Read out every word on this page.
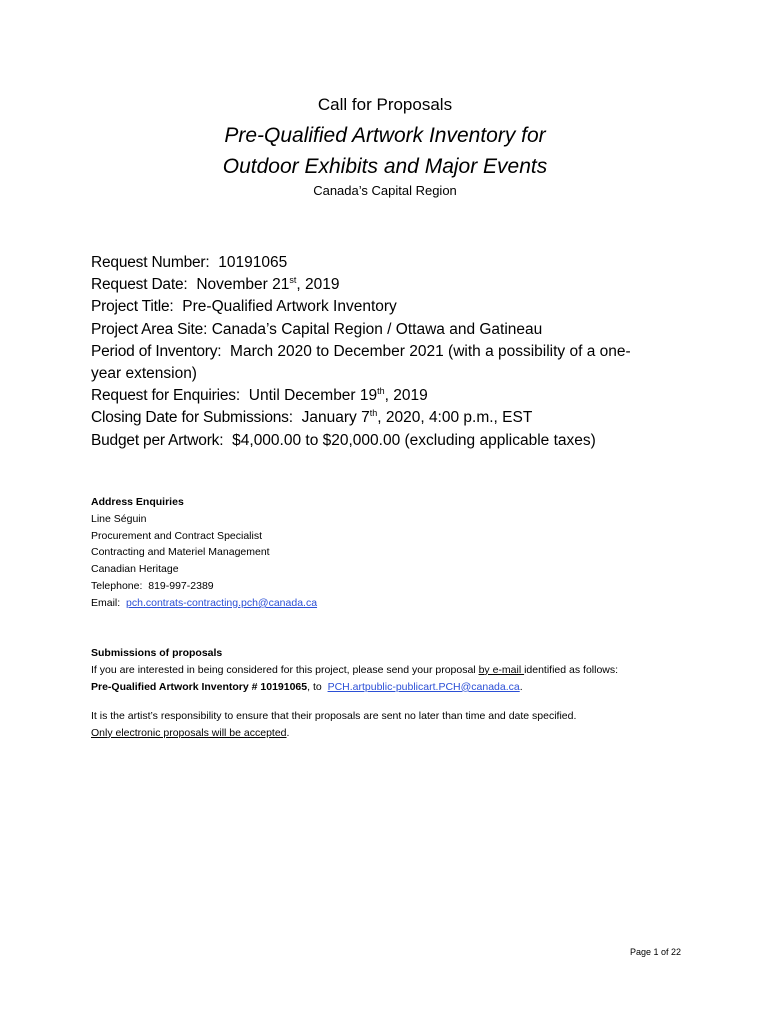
Call for Proposals
Pre-Qualified Artwork Inventory for
Outdoor Exhibits and Major Events
Canada’s Capital Region

Request Number:  10191065

Request Date:  November 21st, 2019

Project Title:  Pre-Qualified Artwork Inventory

Project Area Site: Canada’s Capital Region / Ottawa and Gatineau

Period of Inventory: March 2020 to December 2021 (with a possibility of a one-
year extension)

Request for Enquiries:  Until December 19th, 2019

Closing Date for Submissions:  January 7th, 2020, 4:00 p.m., EST

Budget per Artwork:  $4,000.00 to $20,000.00 (excluding applicable taxes)

Address Enquiries
Line Séguin
Procurement and Contract Specialist
Contracting and Materiel Management
Canadian Heritage
Telephone: 819-997-2389
Email: pch.contrats-contracting.pch@canada.ca
Submissions of proposals
If you are interested in being considered for this project, please send your proposal by e-mail identified as follows:
Pre-Qualified Artwork Inventory # 10191065, to PCH.artpublic-publicart.PCH@canada.ca.
It is the artist’s responsibility to ensure that their proposals are sent no later than time and date specified.
Only electronic proposals will be accepted.
Page 1 of 22
